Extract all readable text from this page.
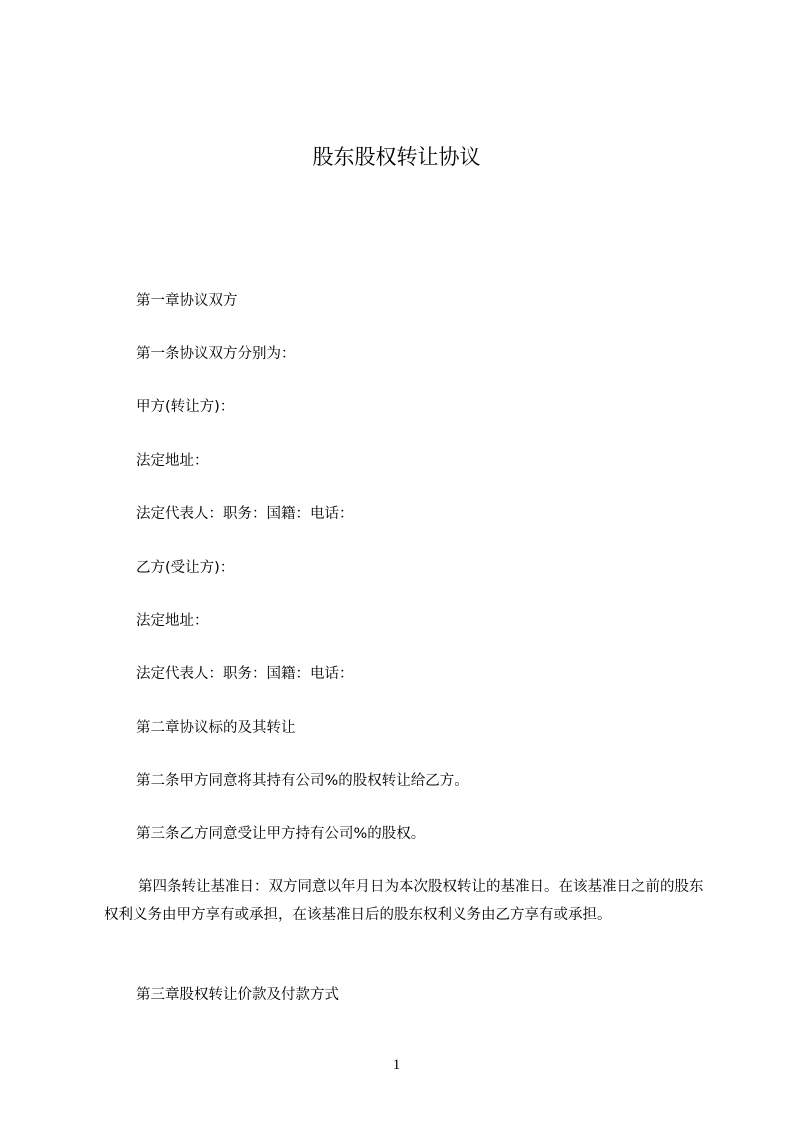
股东股权转让协议

第一章协议双方

第一条协议双方分别为：

甲方(转让方)：

法定地址：

法定代表人：职务：国籍：电话：

乙方(受让方)：

法定地址：

法定代表人：职务：国籍：电话：

第二章协议标的及其转让

第二条甲方同意将其持有公司%的股权转让给乙方。

第三条乙方同意受让甲方持有公司%的股权。

第四条转让基准日：双方同意以年月日为本次股权转让的基准日。在该基准日之前的股东权利义务由甲方享有或承担，在该基准日后的股东权利义务由乙方享有或承担。

第三章股权转让价款及付款方式

1
